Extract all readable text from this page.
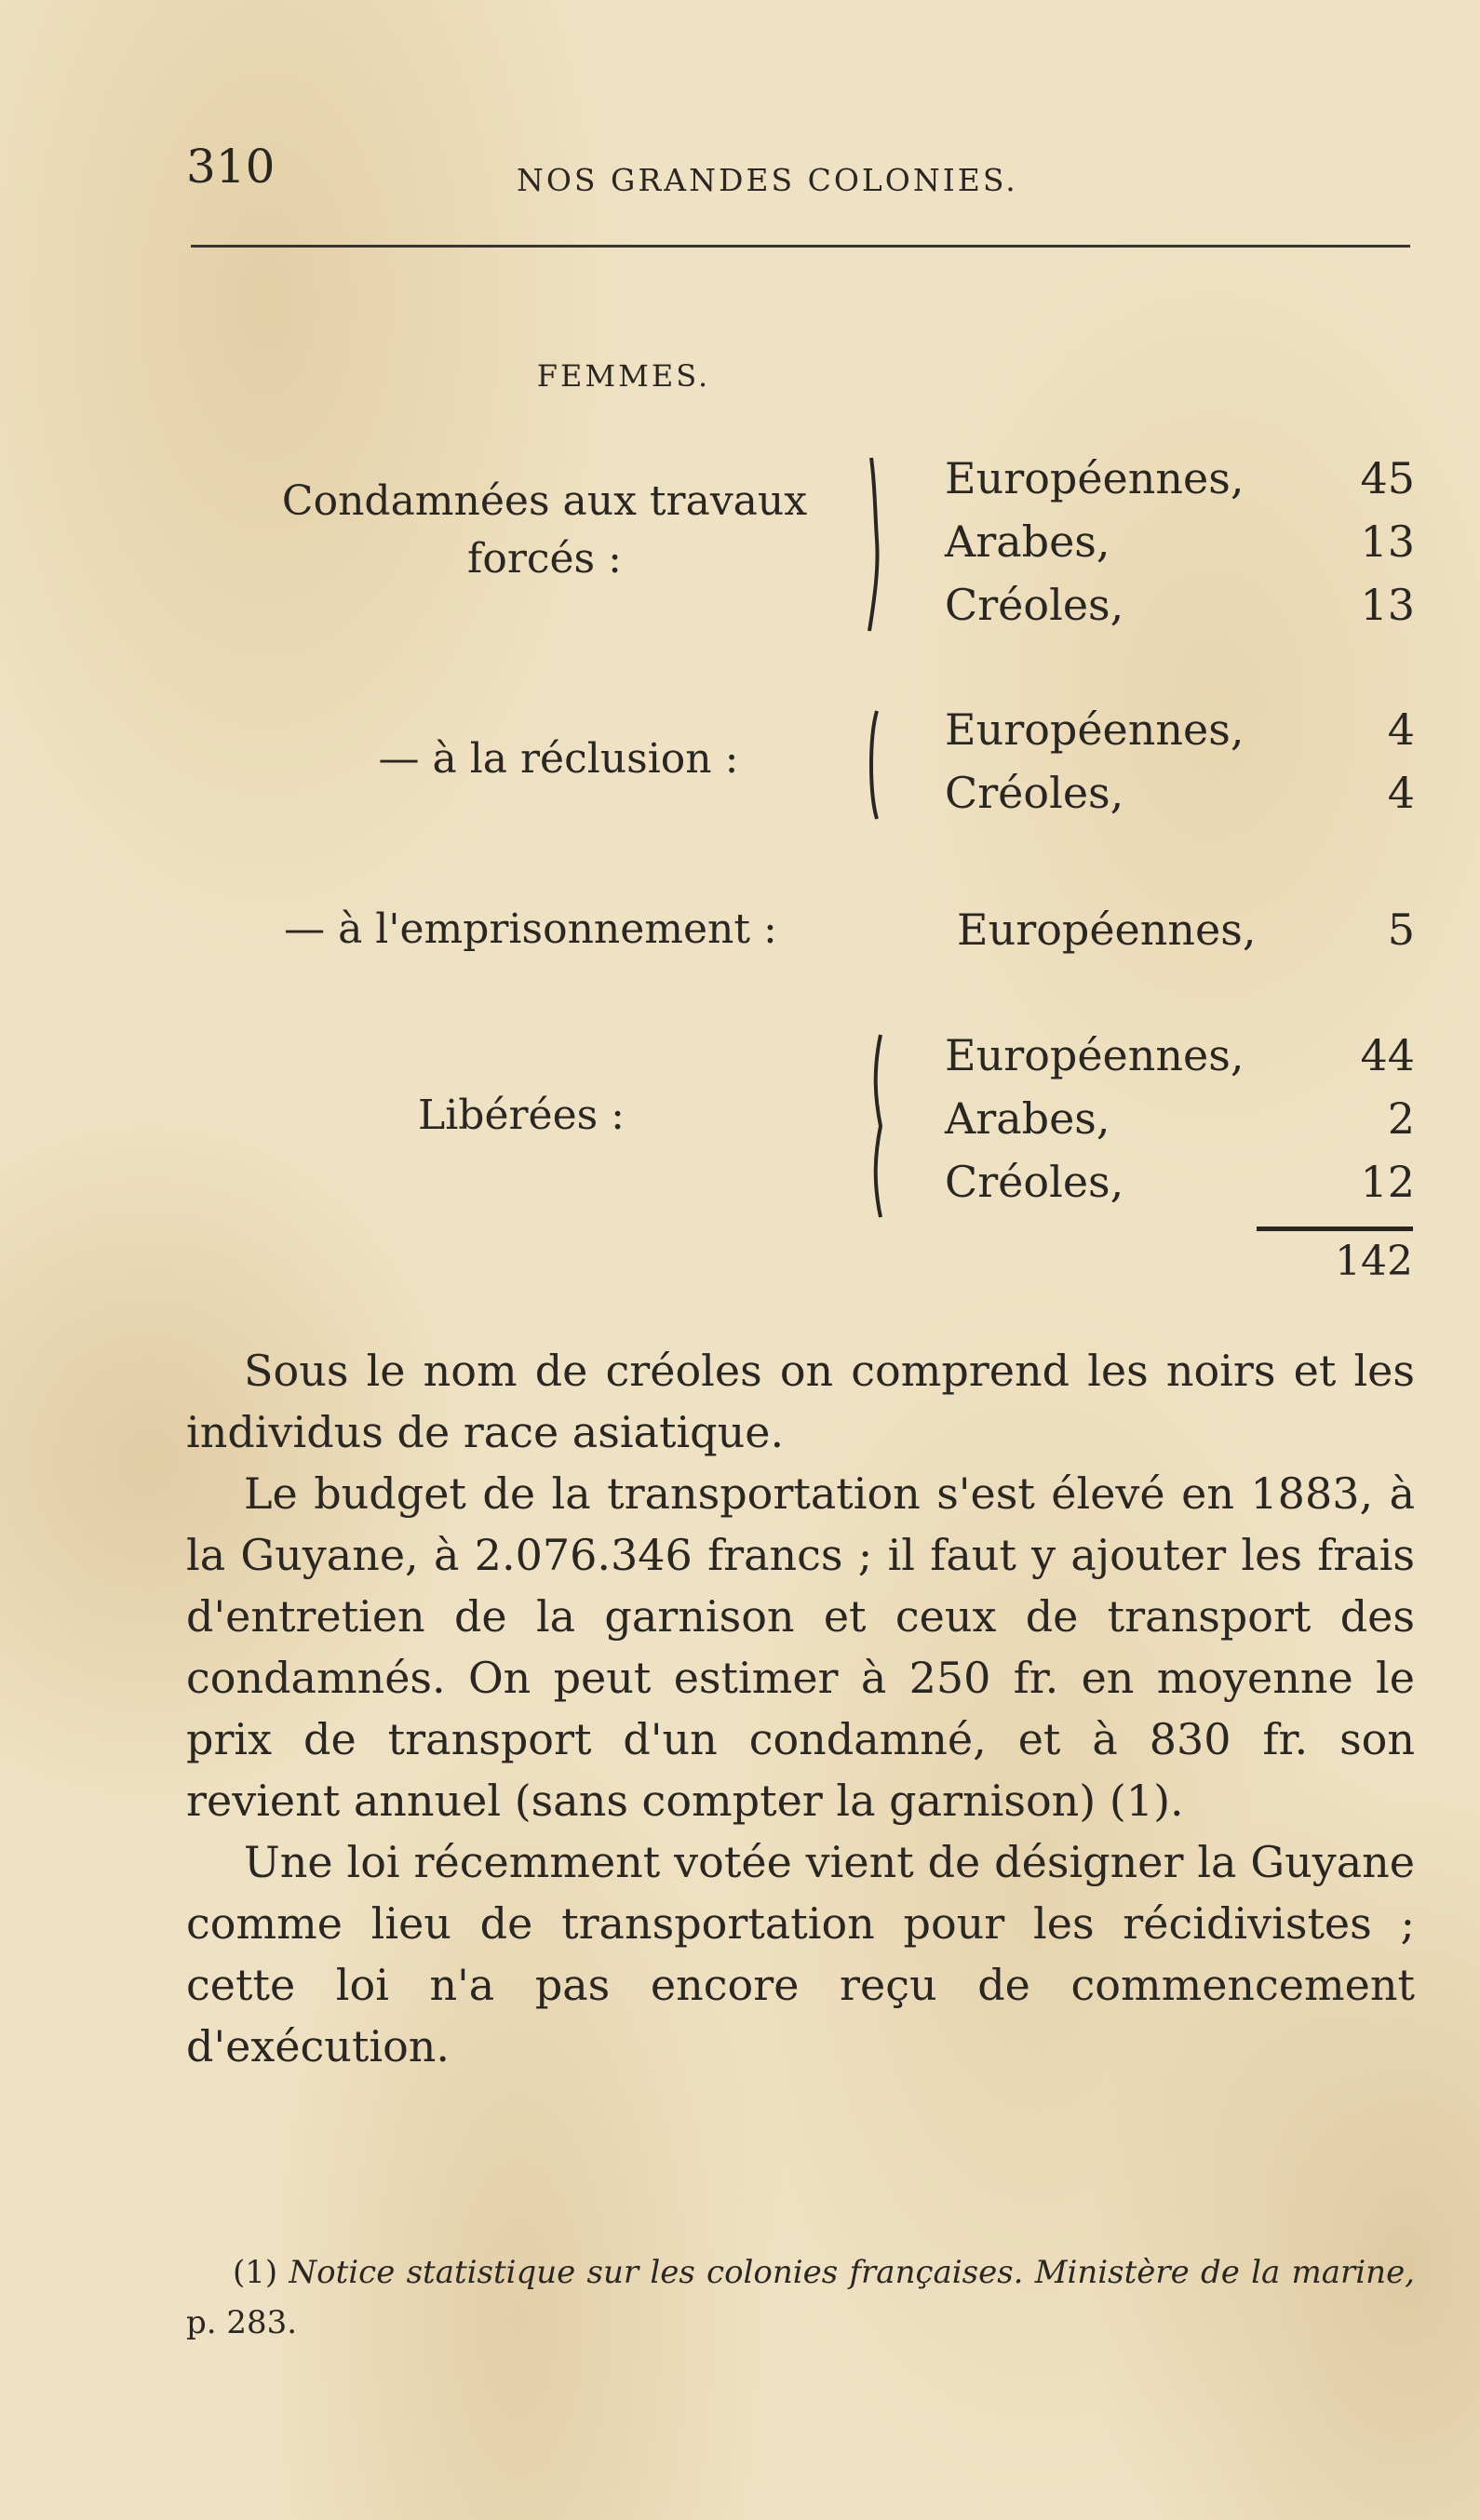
310	NOS GRANDES COLONIES.
FEMMES.
Condamnées aux travaux forcés :
Européennes,	45
Arabes,	13
Créoles,	13
— à la réclusion :
Européennes,	4
Créoles,	4
— à l'emprisonnement :	Européennes,	5
Libérées :
Européennes,	44
Arabes,	2
Créoles,	12
142

Sous le nom de créoles on comprend les noirs et les individus de race asiatique.

Le budget de la transportation s'est élevé en 1883, à la Guyane, à 2.076.346 francs ; il faut y ajouter les frais d'entretien de la garnison et ceux de transport des condamnés. On peut estimer à 250 fr. en moyenne le prix de transport d'un condamné, et à 830 fr. son revient annuel (sans compter la garnison) (1).

Une loi récemment votée vient de désigner la Guyane comme lieu de transportation pour les récidivistes ; cette loi n'a pas encore reçu de commencement d'exécution.

(1) Notice statistique sur les colonies françaises. Ministère de la marine, p. 283.
